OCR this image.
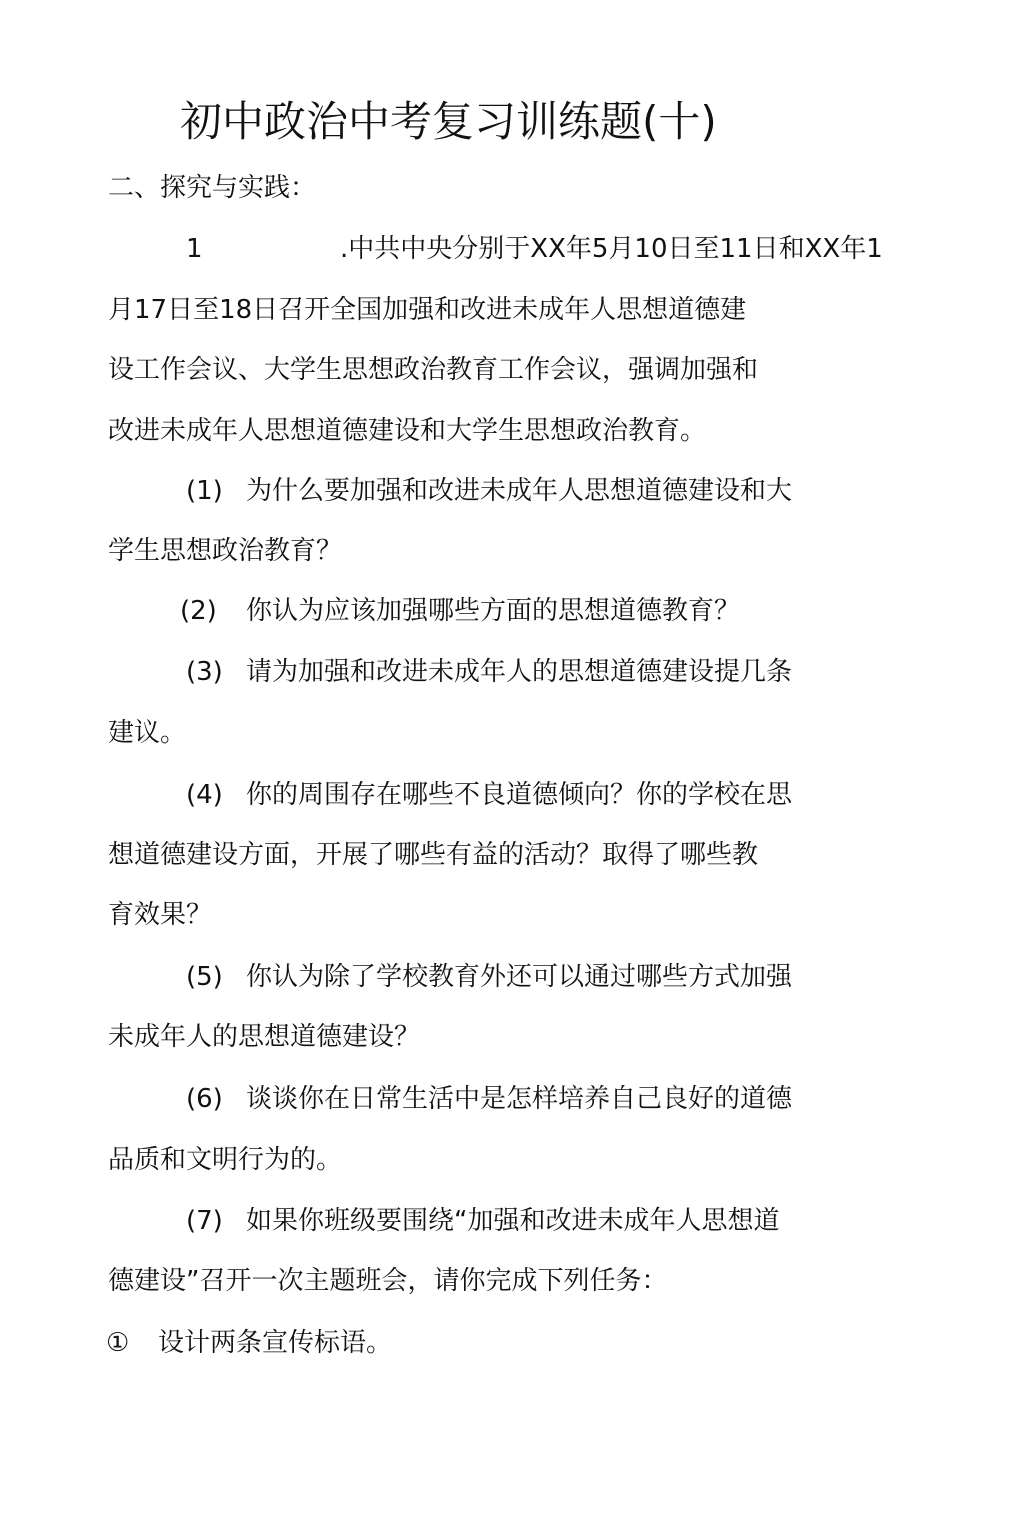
初中政治中考复习训练题(十)
二、探究与实践：
1	.中共中央分别于XX年5月10日至11日和XX年1
月17日至18日召开全国加强和改进未成年人思想道德建
设工作会议、大学生思想政治教育工作会议，强调加强和
改进未成年人思想道德建设和大学生思想政治教育。
(1) 为什么要加强和改进未成年人思想道德建设和大
学生思想政治教育？
(2) 你认为应该加强哪些方面的思想道德教育？
(3) 请为加强和改进未成年人的思想道德建设提几条
建议。
(4) 你的周围存在哪些不良道德倾向？你的学校在思
想道德建设方面，开展了哪些有益的活动？取得了哪些教
育效果？
(5) 你认为除了学校教育外还可以通过哪些方式加强
未成年人的思想道德建设？
(6) 谈谈你在日常生活中是怎样培养自己良好的道德
品质和文明行为的。
(7) 如果你班级要围绕“加强和改进未成年人思想道
德建设”召开一次主题班会，请你完成下列任务：
① 设计两条宣传标语。
